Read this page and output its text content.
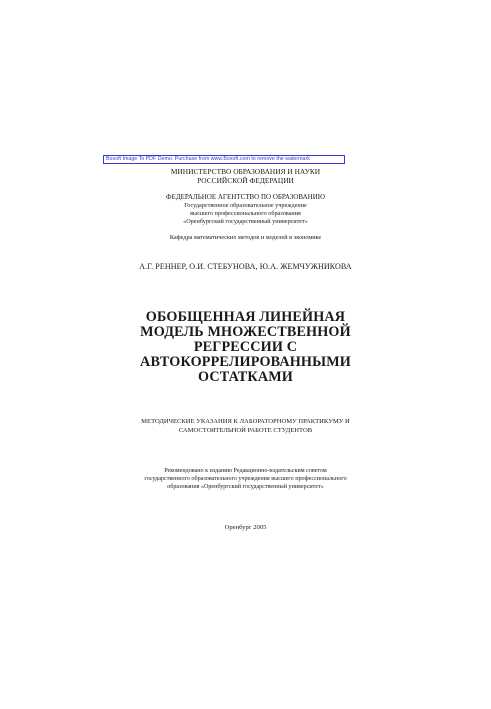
Boxoft Image To PDF Demo. Purchase from www.Boxoft.com to remove the watermark
МИНИСТЕРСТВО ОБРАЗОВАНИЯ И НАУКИ
РОССИЙСКОЙ ФЕДЕРАЦИИ
ФЕДЕРАЛЬНОЕ АГЕНТСТВО ПО ОБРАЗОВАНИЮ
Государственное образовательное учреждение
высшего профессионального образования
«Оренбургский государственный университет»
Кафедра математических методов и моделей в экономике
А.Г. РЕННЕР, О.И. СТЕБУНОВА, Ю.А. ЖЕМЧУЖНИКОВА
ОБОБЩЕННАЯ ЛИНЕЙНАЯ
МОДЕЛЬ МНОЖЕСТВЕННОЙ
РЕГРЕССИИ С
АВТОКОРРЕЛИРОВАННЫМИ
ОСТАТКАМИ
МЕТОДИЧЕСКИЕ УКАЗАНИЯ К ЛАБОРАТОРНОМУ ПРАКТИКУМУ И
САМОСТОЯТЕЛЬНОЙ РАБОТЕ СТУДЕНТОВ
Рекомендовано к изданию Редакционно-издательским советом
государственного образовательного учреждения высшего профессионального
образования «Оренбургский государственный университет»
Оренбург 2005
